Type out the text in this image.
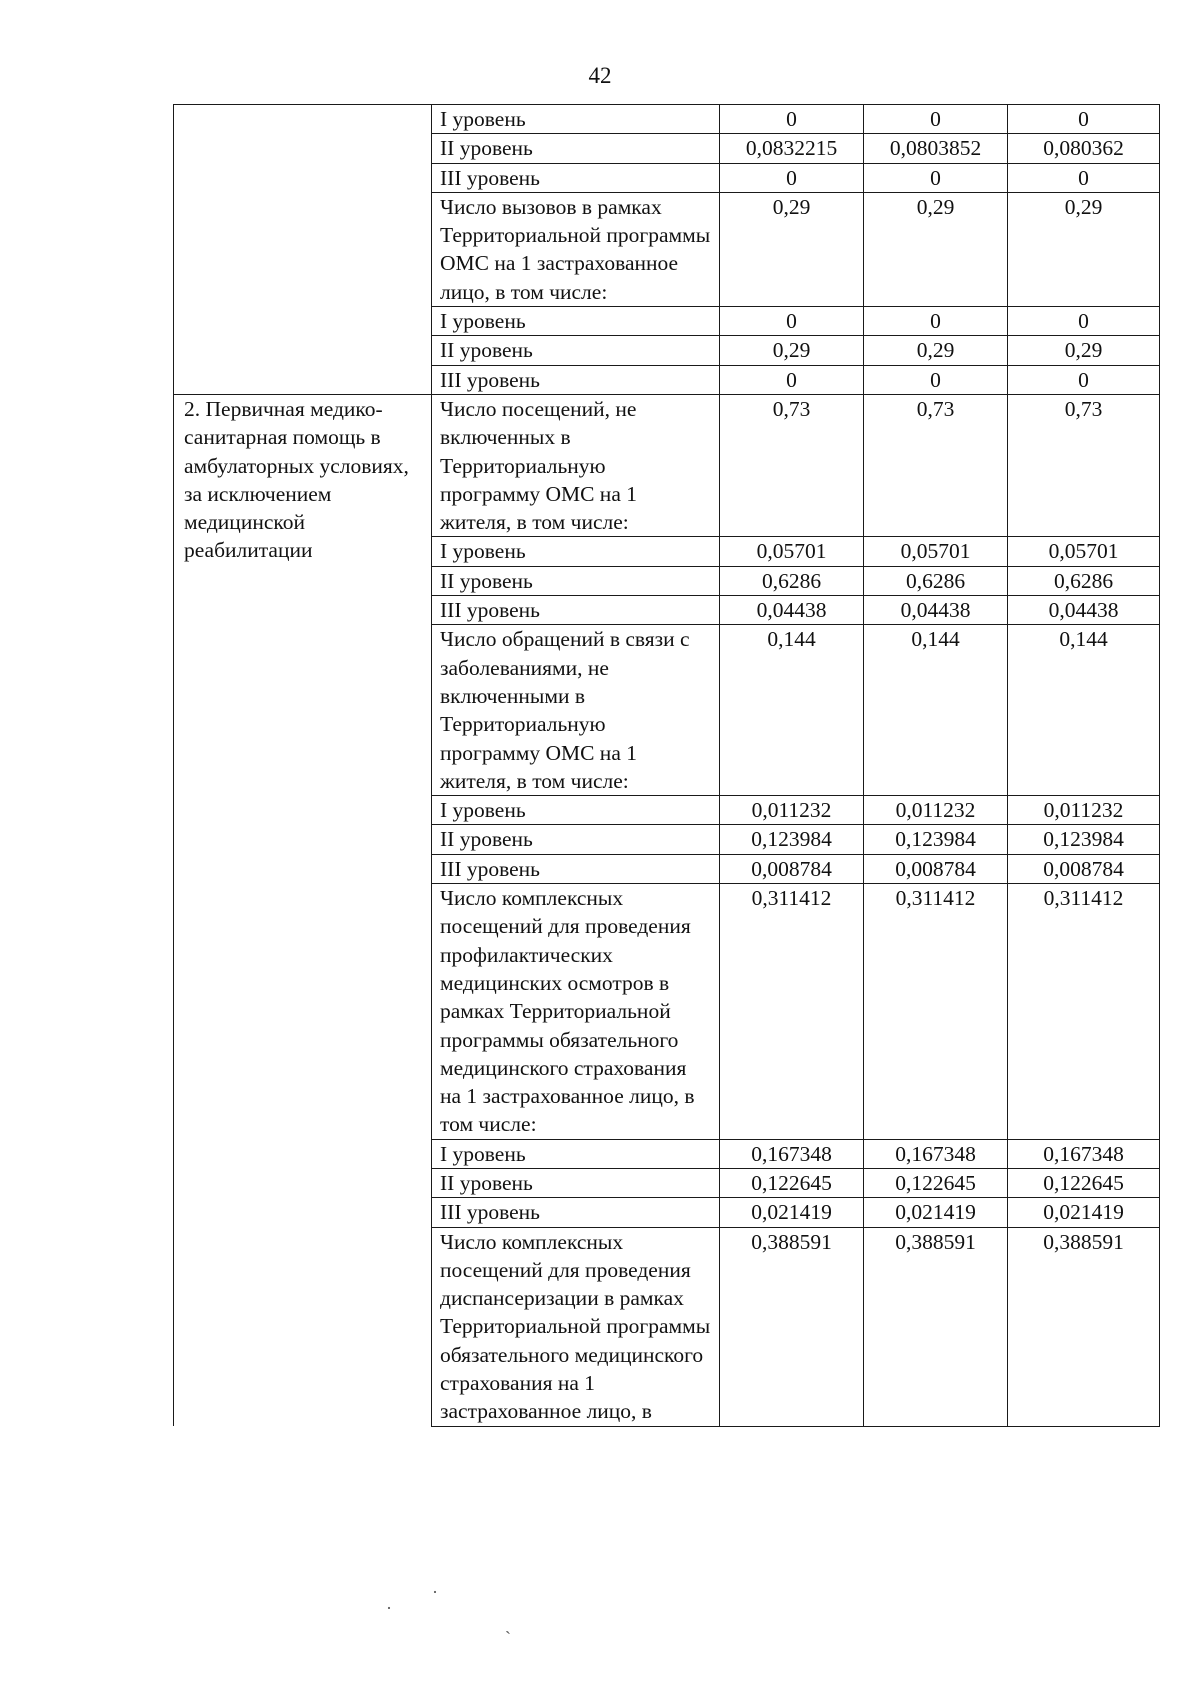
42
	I уровень	0	0	0
	II уровень	0,0832215	0,0803852	0,080362
	III уровень	0	0	0
	Число вызовов в рамках Территориальной программы ОМС на 1 застрахованное лицо, в том числе:	0,29	0,29	0,29
	I уровень	0	0	0
	II уровень	0,29	0,29	0,29
	III уровень	0	0	0
2. Первичная медико-санитарная помощь в амбулаторных условиях, за исключением медицинской реабилитации	Число посещений, не включенных в Территориальную программу ОМС на 1 жителя, в том числе:	0,73	0,73	0,73
	I уровень	0,05701	0,05701	0,05701
	II уровень	0,6286	0,6286	0,6286
	III уровень	0,04438	0,04438	0,04438
	Число обращений в связи с заболеваниями, не включенными в Территориальную программу ОМС на 1 жителя, в том числе:	0,144	0,144	0,144
	I уровень	0,011232	0,011232	0,011232
	II уровень	0,123984	0,123984	0,123984
	III уровень	0,008784	0,008784	0,008784
	Число комплексных посещений для проведения профилактических медицинских осмотров в рамках Территориальной программы обязательного медицинского страхования на 1 застрахованное лицо, в том числе:	0,311412	0,311412	0,311412
	I уровень	0,167348	0,167348	0,167348
	II уровень	0,122645	0,122645	0,122645
	III уровень	0,021419	0,021419	0,021419
	Число комплексных посещений для проведения диспансеризации в рамках Территориальной программы обязательного медицинского страхования на 1 застрахованное лицо, в	0,388591	0,388591	0,388591
·
·
ˎ
